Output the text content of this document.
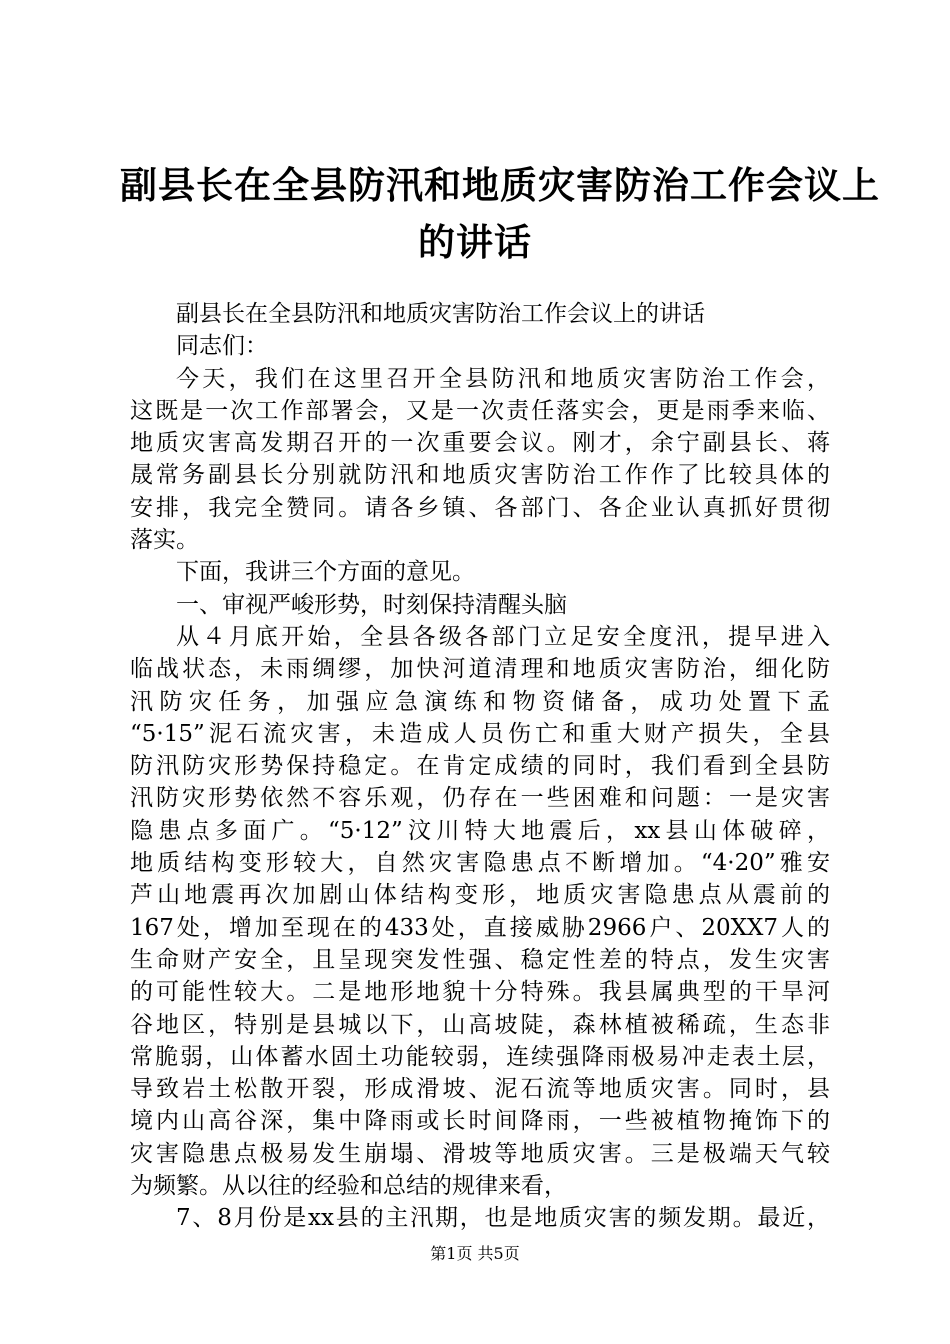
副县长在全县防汛和地质灾害防治工作会议上
的讲话
副县长在全县防汛和地质灾害防治工作会议上的讲话
同志们：
今天，我们在这里召开全县防汛和地质灾害防治工作会，
这既是一次工作部署会，又是一次责任落实会，更是雨季来临、
地质灾害高发期召开的一次重要会议。刚才，余宁副县长、蒋
晟常务副县长分别就防汛和地质灾害防治工作作了比较具体的
安排，我完全赞同。请各乡镇、各部门、各企业认真抓好贯彻
落实。
下面，我讲三个方面的意见。
一、审视严峻形势，时刻保持清醒头脑
从４月底开始，全县各级各部门立足安全度汛，提早进入
临战状态，未雨绸缪，加快河道清理和地质灾害防治，细化防
汛防灾任务，加强应急演练和物资储备，成功处置下孟
“5·15”泥石流灾害，未造成人员伤亡和重大财产损失，全县
防汛防灾形势保持稳定。在肯定成绩的同时，我们看到全县防
汛防灾形势依然不容乐观，仍存在一些困难和问题：一是灾害
隐患点多面广。“5·12”汶川特大地震后，xx县山体破碎，
地质结构变形较大，自然灾害隐患点不断增加。“4·20”雅安
芦山地震再次加剧山体结构变形，地质灾害隐患点从震前的
167处，增加至现在的433处，直接威胁2966户、20XX7人的
生命财产安全，且呈现突发性强、稳定性差的特点，发生灾害
的可能性较大。二是地形地貌十分特殊。我县属典型的干旱河
谷地区，特别是县城以下，山高坡陡，森林植被稀疏，生态非
常脆弱，山体蓄水固土功能较弱，连续强降雨极易冲走表土层，
导致岩土松散开裂，形成滑坡、泥石流等地质灾害。同时，县
境内山高谷深，集中降雨或长时间降雨，一些被植物掩饰下的
灾害隐患点极易发生崩塌、滑坡等地质灾害。三是极端天气较
为频繁。从以往的经验和总结的规律来看，
7、8月份是xx县的主汛期，也是地质灾害的频发期。最近，
第1页 共5页
